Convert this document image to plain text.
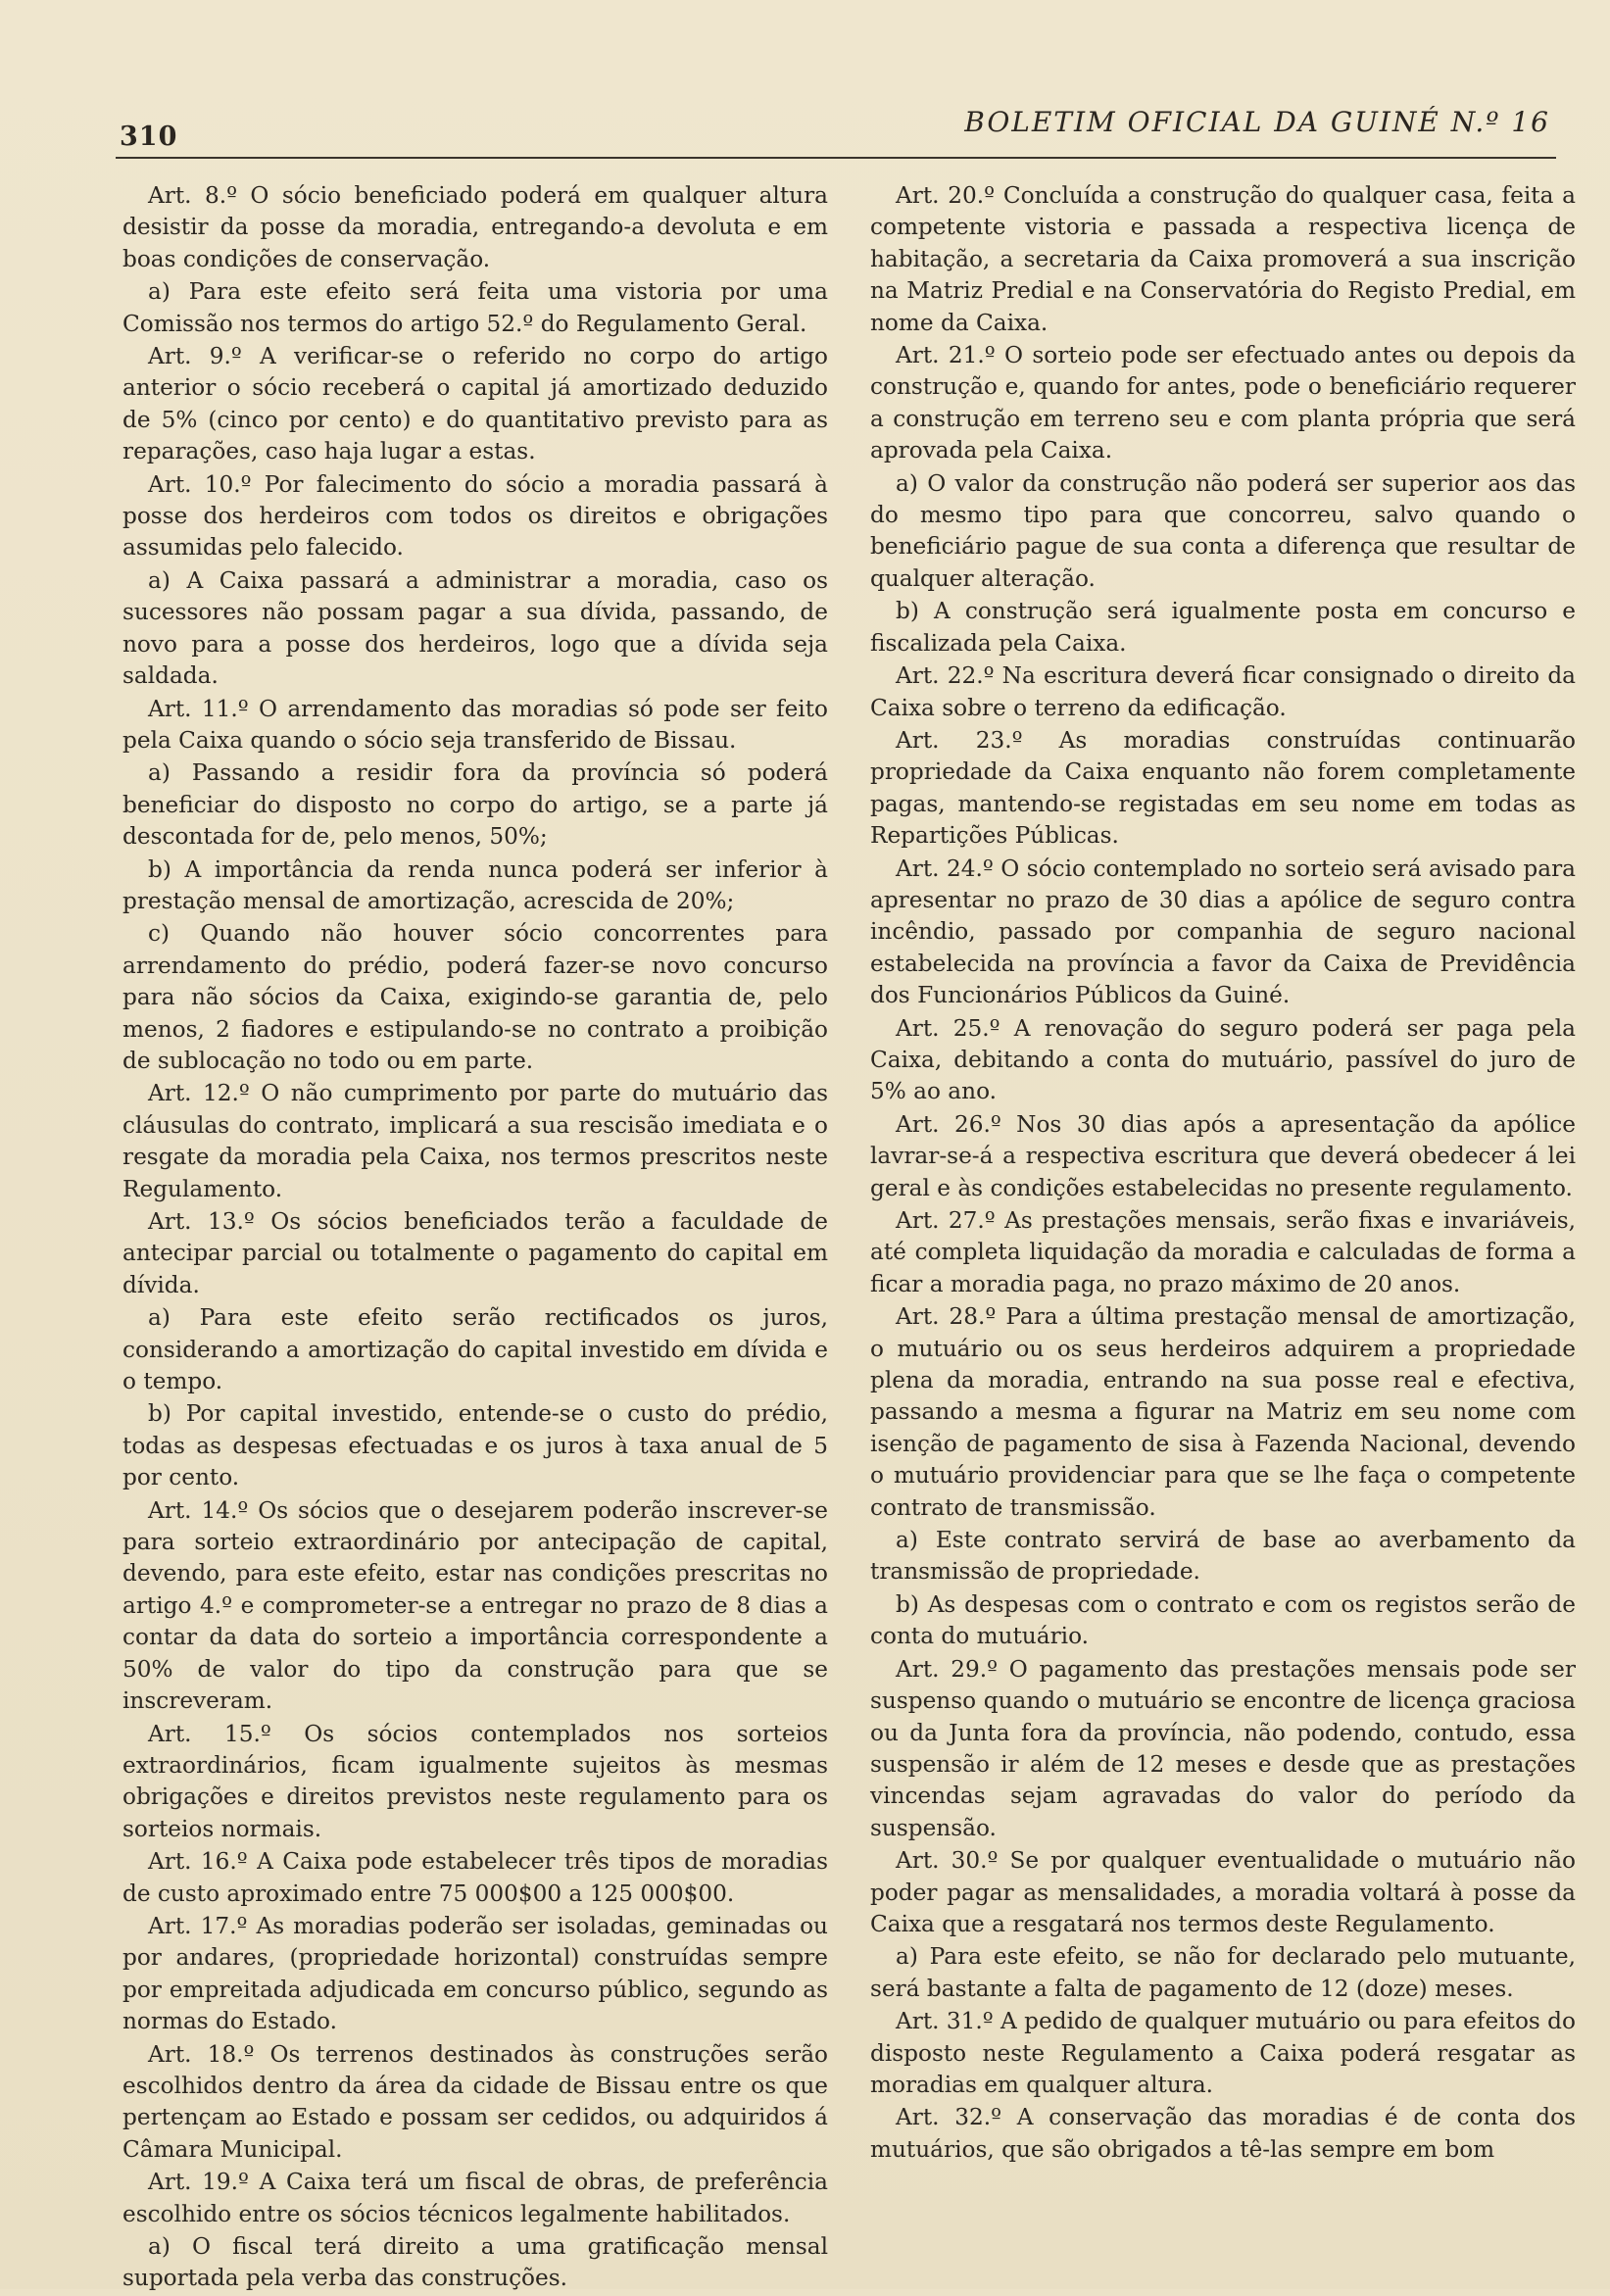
310	BOLETIM OFICIAL DA GUINÉ N.º 16

Art. 8.º O sócio beneficiado poderá em qualquer altura desistir da posse da moradia, entregando-a devoluta e em boas condições de conservação.

a) Para este efeito será feita uma vistoria por uma Comissão nos termos do artigo 52.º do Regulamento Geral.

Art. 9.º A verificar-se o referido no corpo do artigo anterior o sócio receberá o capital já amortizado deduzido de 5% (cinco por cento) e do quantitativo previsto para as reparações, caso haja lugar a estas.

Art. 10.º Por falecimento do sócio a moradia passará à posse dos herdeiros com todos os direitos e obrigações assumidas pelo falecido.

a) A Caixa passará a administrar a moradia, caso os sucessores não possam pagar a sua dívida, passando, de novo para a posse dos herdeiros, logo que a dívida seja saldada.

Art. 11.º O arrendamento das moradias só pode ser feito pela Caixa quando o sócio seja transferido de Bissau.

a) Passando a residir fora da província só poderá beneficiar do disposto no corpo do artigo, se a parte já descontada for de, pelo menos, 50%;

b) A importância da renda nunca poderá ser inferior à prestação mensal de amortização, acrescida de 20%;

c) Quando não houver sócio concorrentes para arrendamento do prédio, poderá fazer-se novo concurso para não sócios da Caixa, exigindo-se garantia de, pelo menos, 2 fiadores e estipulando-se no contrato a proibição de sublocação no todo ou em parte.

Art. 12.º O não cumprimento por parte do mutuário das cláusulas do contrato, implicará a sua rescisão imediata e o resgate da moradia pela Caixa, nos termos prescritos neste Regulamento.

Art. 13.º Os sócios beneficiados terão a faculdade de antecipar parcial ou totalmente o pagamento do capital em dívida.

a) Para este efeito serão rectificados os juros, considerando a amortização do capital investido em dívida e o tempo.

b) Por capital investido, entende-se o custo do prédio, todas as despesas efectuadas e os juros à taxa anual de 5 por cento.

Art. 14.º Os sócios que o desejarem poderão inscrever-se para sorteio extraordinário por antecipação de capital, devendo, para este efeito, estar nas condições prescritas no artigo 4.º e comprometer-se a entregar no prazo de 8 dias a contar da data do sorteio a importância correspondente a 50% de valor do tipo da construção para que se inscreveram.

Art. 15.º Os sócios contemplados nos sorteios extraordinários, ficam igualmente sujeitos às mesmas obrigações e direitos previstos neste regulamento para os sorteios normais.

Art. 16.º A Caixa pode estabelecer três tipos de moradias de custo aproximado entre 75 000$00 a 125 000$00.

Art. 17.º As moradias poderão ser isoladas, geminadas ou por andares, (propriedade horizontal) construídas sempre por empreitada adjudicada em concurso público, segundo as normas do Estado.

Art. 18.º Os terrenos destinados às construções serão escolhidos dentro da área da cidade de Bissau entre os que pertençam ao Estado e possam ser cedidos, ou adquiridos á Câmara Municipal.

Art. 19.º A Caixa terá um fiscal de obras, de preferência escolhido entre os sócios técnicos legalmente habilitados.

a) O fiscal terá direito a uma gratificação mensal suportada pela verba das construções.

Art. 20.º Concluída a construção do qualquer casa, feita a competente vistoria e passada a respectiva licença de habitação, a secretaria da Caixa promoverá a sua inscrição na Matriz Predial e na Conservatória do Registo Predial, em nome da Caixa.

Art. 21.º O sorteio pode ser efectuado antes ou depois da construção e, quando for antes, pode o beneficiário requerer a construção em terreno seu e com planta própria que será aprovada pela Caixa.

a) O valor da construção não poderá ser superior aos das do mesmo tipo para que concorreu, salvo quando o beneficiário pague de sua conta a diferença que resultar de qualquer alteração.

b) A construção será igualmente posta em concurso e fiscalizada pela Caixa.

Art. 22.º Na escritura deverá ficar consignado o direito da Caixa sobre o terreno da edificação.

Art. 23.º As moradias construídas continuarão propriedade da Caixa enquanto não forem completamente pagas, mantendo-se registadas em seu nome em todas as Repartições Públicas.

Art. 24.º O sócio contemplado no sorteio será avisado para apresentar no prazo de 30 dias a apólice de seguro contra incêndio, passado por companhia de seguro nacional estabelecida na província a favor da Caixa de Previdência dos Funcionários Públicos da Guiné.

Art. 25.º A renovação do seguro poderá ser paga pela Caixa, debitando a conta do mutuário, passível do juro de 5% ao ano.

Art. 26.º Nos 30 dias após a apresentação da apólice lavrar-se-á a respectiva escritura que deverá obedecer á lei geral e às condições estabelecidas no presente regulamento.

Art. 27.º As prestações mensais, serão fixas e invariáveis, até completa liquidação da moradia e calculadas de forma a ficar a moradia paga, no prazo máximo de 20 anos.

Art. 28.º Para a última prestação mensal de amortização, o mutuário ou os seus herdeiros adquirem a propriedade plena da moradia, entrando na sua posse real e efectiva, passando a mesma a figurar na Matriz em seu nome com isenção de pagamento de sisa à Fazenda Nacional, devendo o mutuário providenciar para que se lhe faça o competente contrato de transmissão.

a) Este contrato servirá de base ao averbamento da transmissão de propriedade.

b) As despesas com o contrato e com os registos serão de conta do mutuário.

Art. 29.º O pagamento das prestações mensais pode ser suspenso quando o mutuário se encontre de licença graciosa ou da Junta fora da província, não podendo, contudo, essa suspensão ir além de 12 meses e desde que as prestações vincendas sejam agravadas do valor do período da suspensão.

Art. 30.º Se por qualquer eventualidade o mutuário não poder pagar as mensalidades, a moradia voltará à posse da Caixa que a resgatará nos termos deste Regulamento.

a) Para este efeito, se não for declarado pelo mutuante, será bastante a falta de pagamento de 12 (doze) meses.

Art. 31.º A pedido de qualquer mutuário ou para efeitos do disposto neste Regulamento a Caixa poderá resgatar as moradias em qualquer altura.

Art. 32.º A conservação das moradias é de conta dos mutuários, que são obrigados a tê-las sempre em bom
